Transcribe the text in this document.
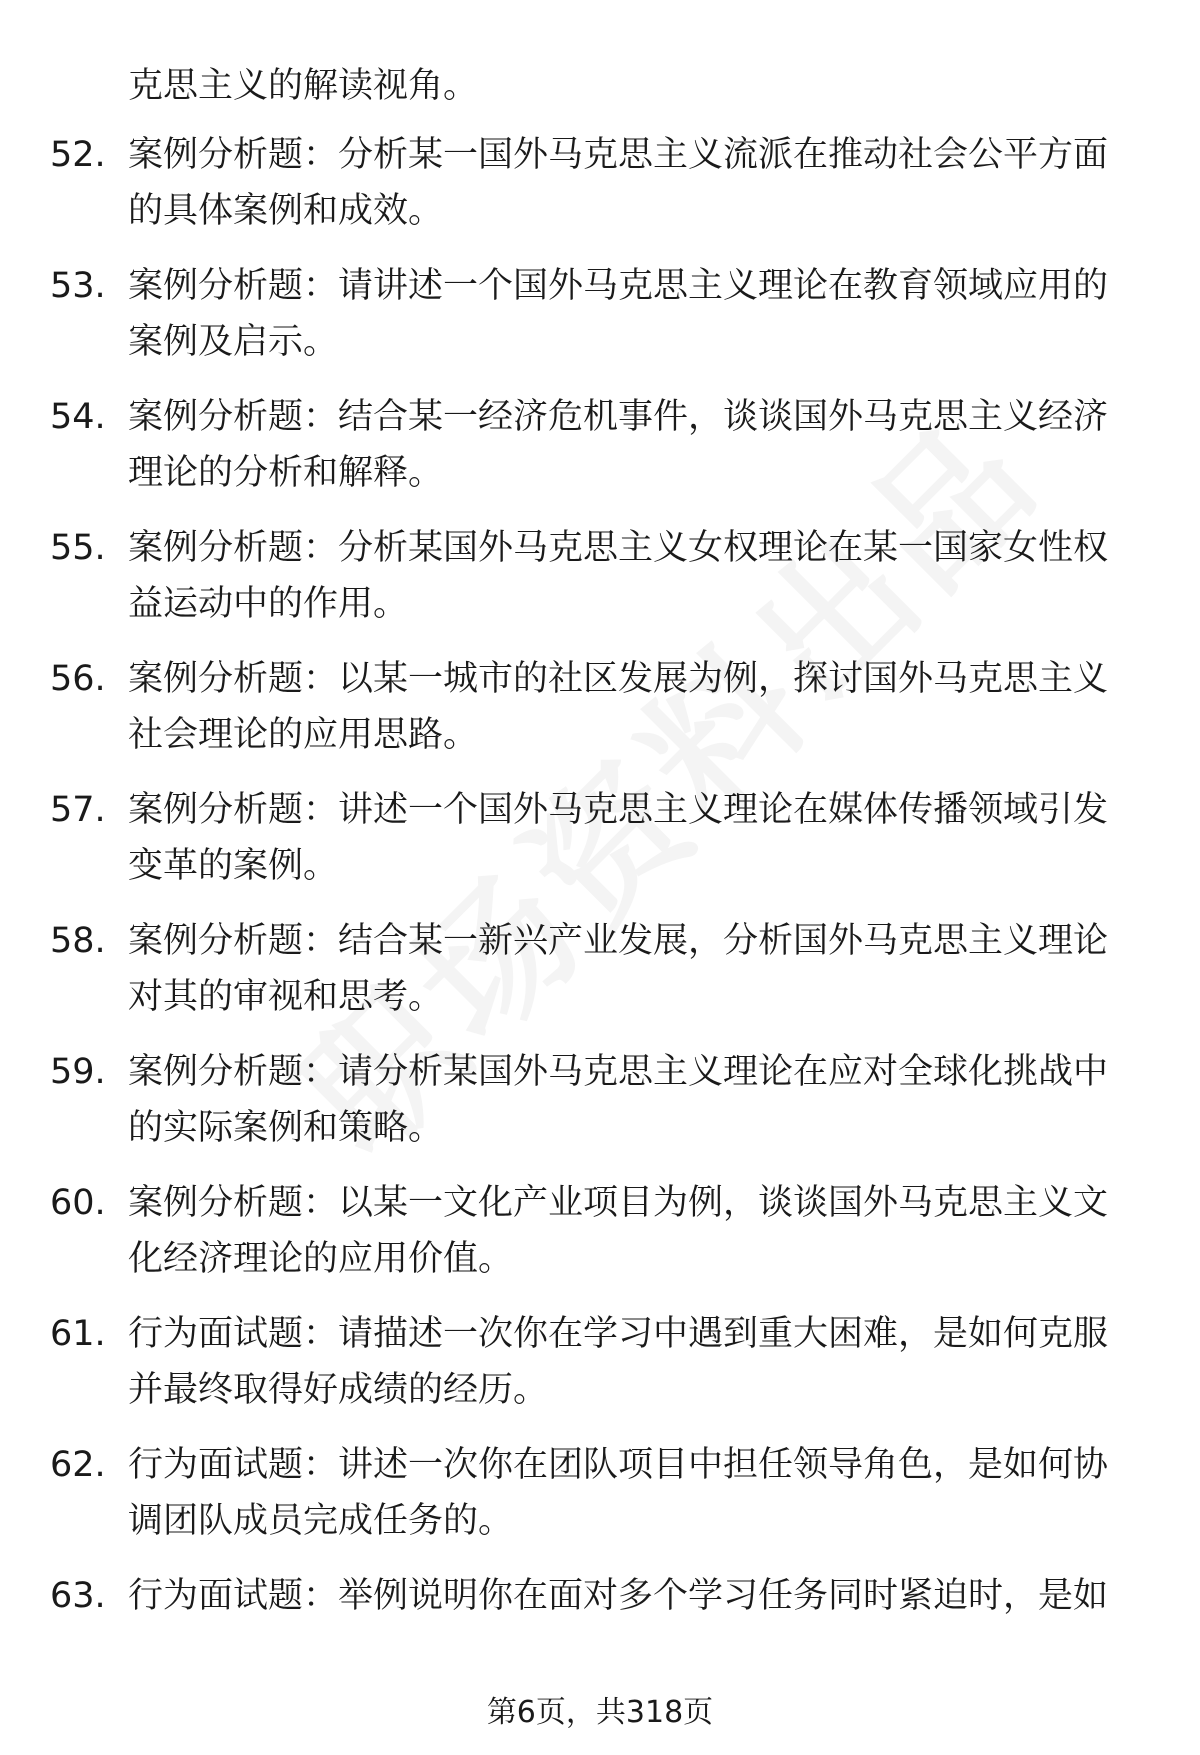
克思主义的解读视角。
52. 案例分析题：分析某一国外马克思主义流派在推动社会公平方面的具体案例和成效。
53. 案例分析题：请讲述一个国外马克思主义理论在教育领域应用的案例及启示。
54. 案例分析题：结合某一经济危机事件，谈谈国外马克思主义经济理论的分析和解释。
55. 案例分析题：分析某国外马克思主义女权理论在某一国家女性权益运动中的作用。
56. 案例分析题：以某一城市的社区发展为例，探讨国外马克思主义社会理论的应用思路。
57. 案例分析题：讲述一个国外马克思主义理论在媒体传播领域引发变革的案例。
58. 案例分析题：结合某一新兴产业发展，分析国外马克思主义理论对其的审视和思考。
59. 案例分析题：请分析某国外马克思主义理论在应对全球化挑战中的实际案例和策略。
60. 案例分析题：以某一文化产业项目为例，谈谈国外马克思主义文化经济理论的应用价值。
61. 行为面试题：请描述一次你在学习中遇到重大困难，是如何克服并最终取得好成绩的经历。
62. 行为面试题：讲述一次你在团队项目中担任领导角色，是如何协调团队成员完成任务的。
63. 行为面试题：举例说明你在面对多个学习任务同时紧迫时，是如
第6页，共318页
